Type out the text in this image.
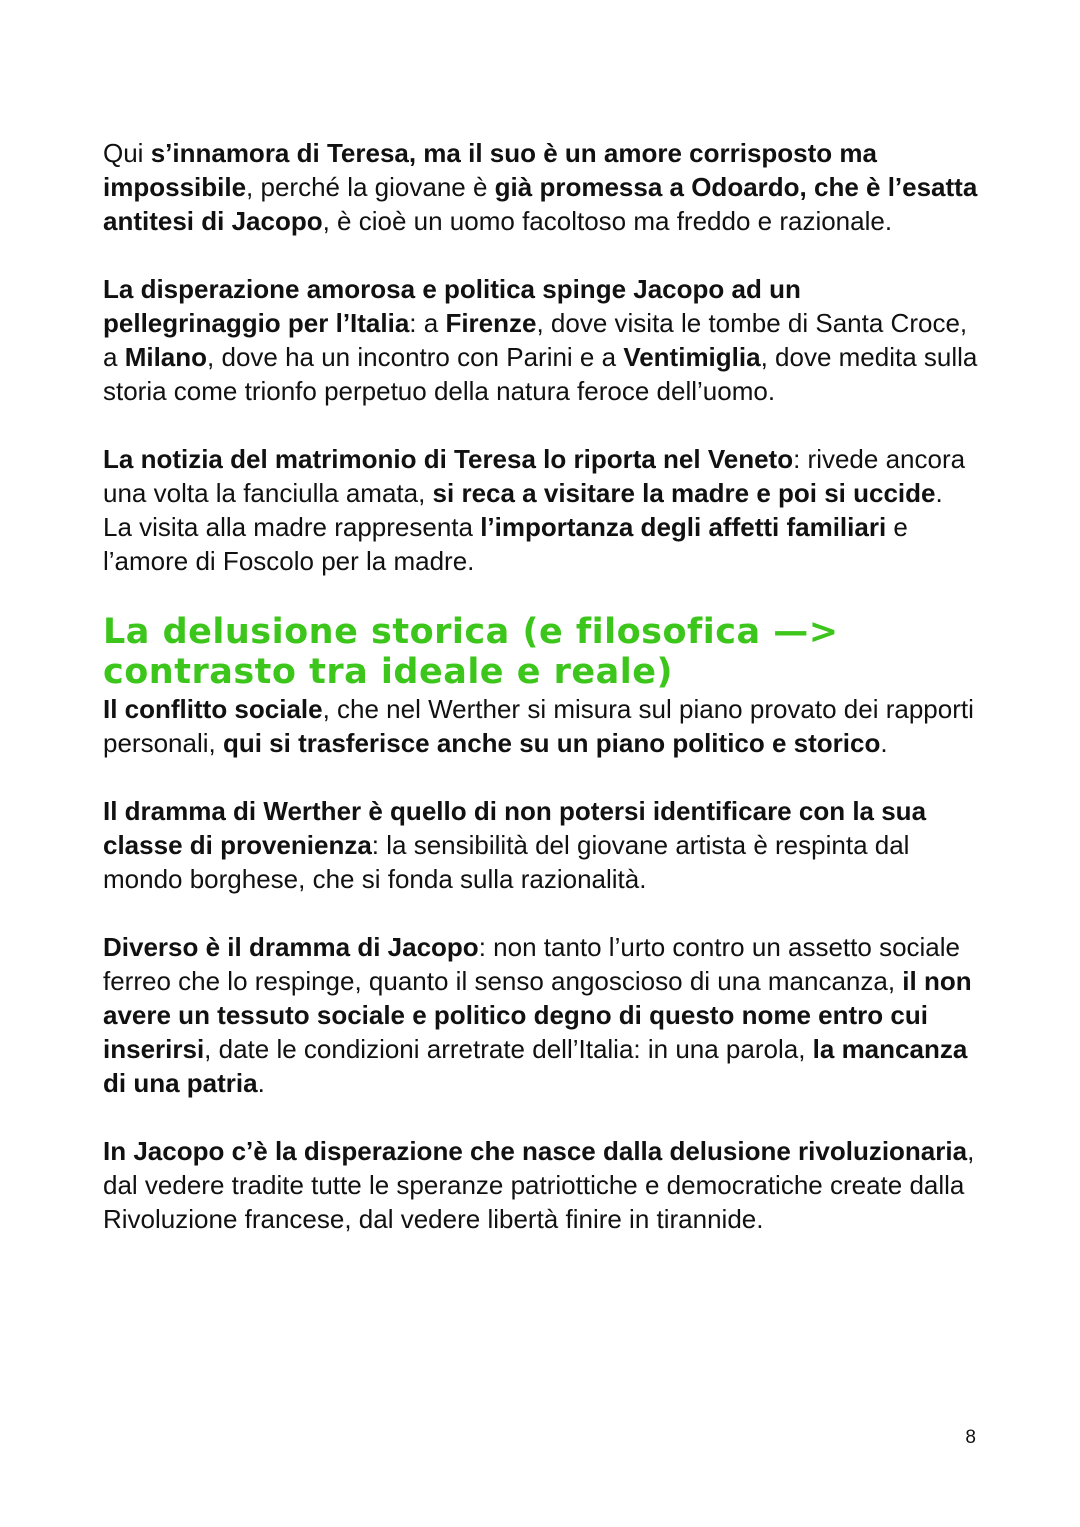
Qui s’innamora di Teresa, ma il suo è un amore corrisposto ma impossibile, perché la giovane è già promessa a Odoardo, che è l’esatta antitesi di Jacopo, è cioè un uomo facoltoso ma freddo e razionale.

La disperazione amorosa e politica spinge Jacopo ad un pellegrinaggio per l’Italia: a Firenze, dove visita le tombe di Santa Croce, a Milano, dove ha un incontro con Parini e a Ventimiglia, dove medita sulla storia come trionfo perpetuo della natura feroce dell’uomo.

La notizia del matrimonio di Teresa lo riporta nel Veneto: rivede ancora una volta la fanciulla amata, si reca a visitare la madre e poi si uccide.

La visita alla madre rappresenta l’importanza degli affetti familiari e l’amore di Foscolo per la madre.

La delusione storica (e filosofica —> contrasto tra ideale e reale)

Il conflitto sociale, che nel Werther si misura sul piano provato dei rapporti personali, qui si trasferisce anche su un piano politico e storico.

Il dramma di Werther è quello di non potersi identificare con la sua classe di provenienza: la sensibilità del giovane artista è respinta dal mondo borghese, che si fonda sulla razionalità.

Diverso è il dramma di Jacopo: non tanto l’urto contro un assetto sociale ferreo che lo respinge, quanto il senso angoscioso di una mancanza, il non avere un tessuto sociale e politico degno di questo nome entro cui inserirsi, date le condizioni arretrate dell’Italia: in una parola, la mancanza di una patria.

In Jacopo c’è la disperazione che nasce dalla delusione rivoluzionaria, dal vedere tradite tutte le speranze patriottiche e democratiche create dalla Rivoluzione francese, dal vedere libertà finire in tirannide.

8
